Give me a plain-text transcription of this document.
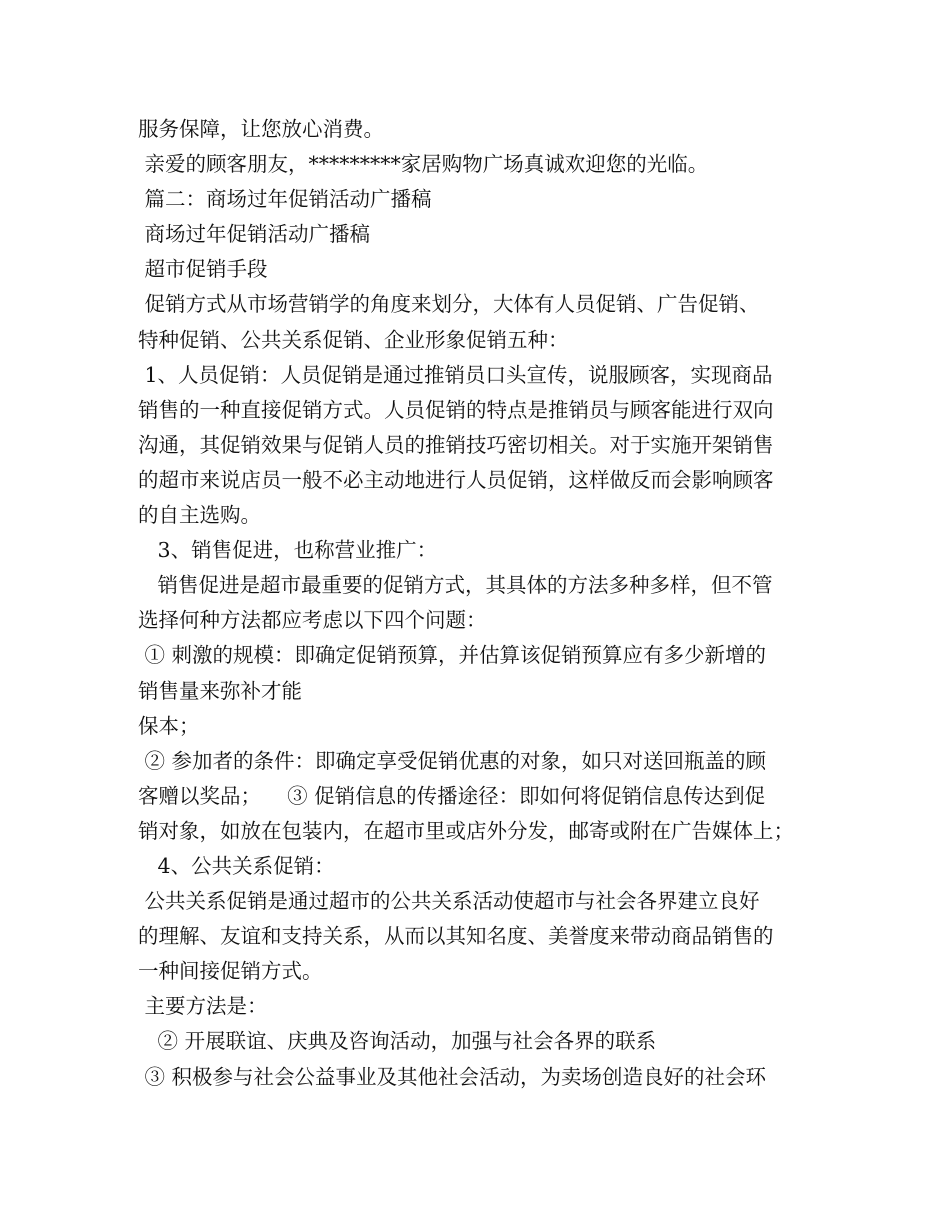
服务保障，让您放心消费。
亲爱的顾客朋友，*********家居购物广场真诚欢迎您的光临。
篇二：商场过年促销活动广播稿
商场过年促销活动广播稿
超市促销手段
促销方式从市场营销学的角度来划分，大体有人员促销、广告促销、
特种促销、公共关系促销、企业形象促销五种：
1、人员促销：人员促销是通过推销员口头宣传，说服顾客，实现商品
销售的一种直接促销方式。人员促销的特点是推销员与顾客能进行双向
沟通，其促销效果与促销人员的推销技巧密切相关。对于实施开架销售
的超市来说店员一般不必主动地进行人员促销，这样做反而会影响顾客
的自主选购。
3、销售促进，也称营业推广：
销售促进是超市最重要的促销方式，其具体的方法多种多样，但不管
选择何种方法都应考虑以下四个问题：
① 刺激的规模：即确定促销预算，并估算该促销预算应有多少新增的
销售量来弥补才能
保本；
② 参加者的条件：即确定享受促销优惠的对象，如只对送回瓶盖的顾
客赠以奖品；    ③ 促销信息的传播途径：即如何将促销信息传达到促
销对象，如放在包装内，在超市里或店外分发，邮寄或附在广告媒体上；
4、公共关系促销：
公共关系促销是通过超市的公共关系活动使超市与社会各界建立良好
的理解、友谊和支持关系，从而以其知名度、美誉度来带动商品销售的
一种间接促销方式。
主要方法是：
② 开展联谊、庆典及咨询活动，加强与社会各界的联系
③ 积极参与社会公益事业及其他社会活动，为卖场创造良好的社会环
